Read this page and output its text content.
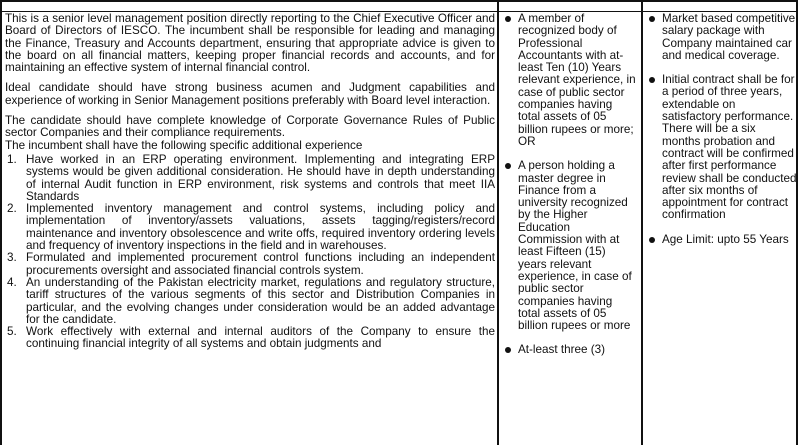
This is a senior level management position directly reporting to the Chief Executive Officer and Board of Directors of IESCO. The incumbent shall be responsible for leading and managing the Finance, Treasury and Accounts department, ensuring that appropriate advice is given to the board on all financial matters, keeping proper financial records and accounts, and for maintaining an effective system of internal financial control.

Ideal candidate should have strong business acumen and Judgment capabilities and experience of working in Senior Management positions preferably with Board level interaction.

The candidate should have complete knowledge of Corporate Governance Rules of Public sector Companies and their compliance requirements.

The incumbent shall have the following specific additional experience

1. Have worked in an ERP operating environment. Implementing and integrating ERP systems would be given additional consideration. He should have in depth understanding of internal Audit function in ERP environment, risk systems and controls that meet IIA Standards
2. Implemented inventory management and control systems, including policy and implementation of inventory/assets valuations, assets tagging/registers/record maintenance and inventory obsolescence and write offs, required inventory ordering levels and frequency of inventory inspections in the field and in warehouses.
3. Formulated and implemented procurement control functions including an independent procurements oversight and associated financial controls system.
4. An understanding of the Pakistan electricity market, regulations and regulatory structure, tariff structures of the various segments of this sector and Distribution Companies in particular, and the evolving changes under consideration would be an added advantage for the candidate.
5. Work effectively with external and internal auditors of the Company to ensure the continuing financial integrity of all systems and obtain judgments and
A member of recognized body of Professional Accountants with at-least Ten (10) Years relevant experience, in case of public sector companies having total assets of 05 billion rupees or more; OR
A person holding a master degree in Finance from a university recognized by the Higher Education Commission with at least Fifteen (15) years relevant experience, in case of public sector companies having total assets of 05 billion rupees or more
At-least three (3)
Market based competitive salary package with Company maintained car and medical coverage.
Initial contract shall be for a period of three years, extendable on satisfactory performance. There will be a six months probation and contract will be confirmed after first performance review shall be conducted after six months of appointment for contract confirmation
Age Limit: upto 55 Years
